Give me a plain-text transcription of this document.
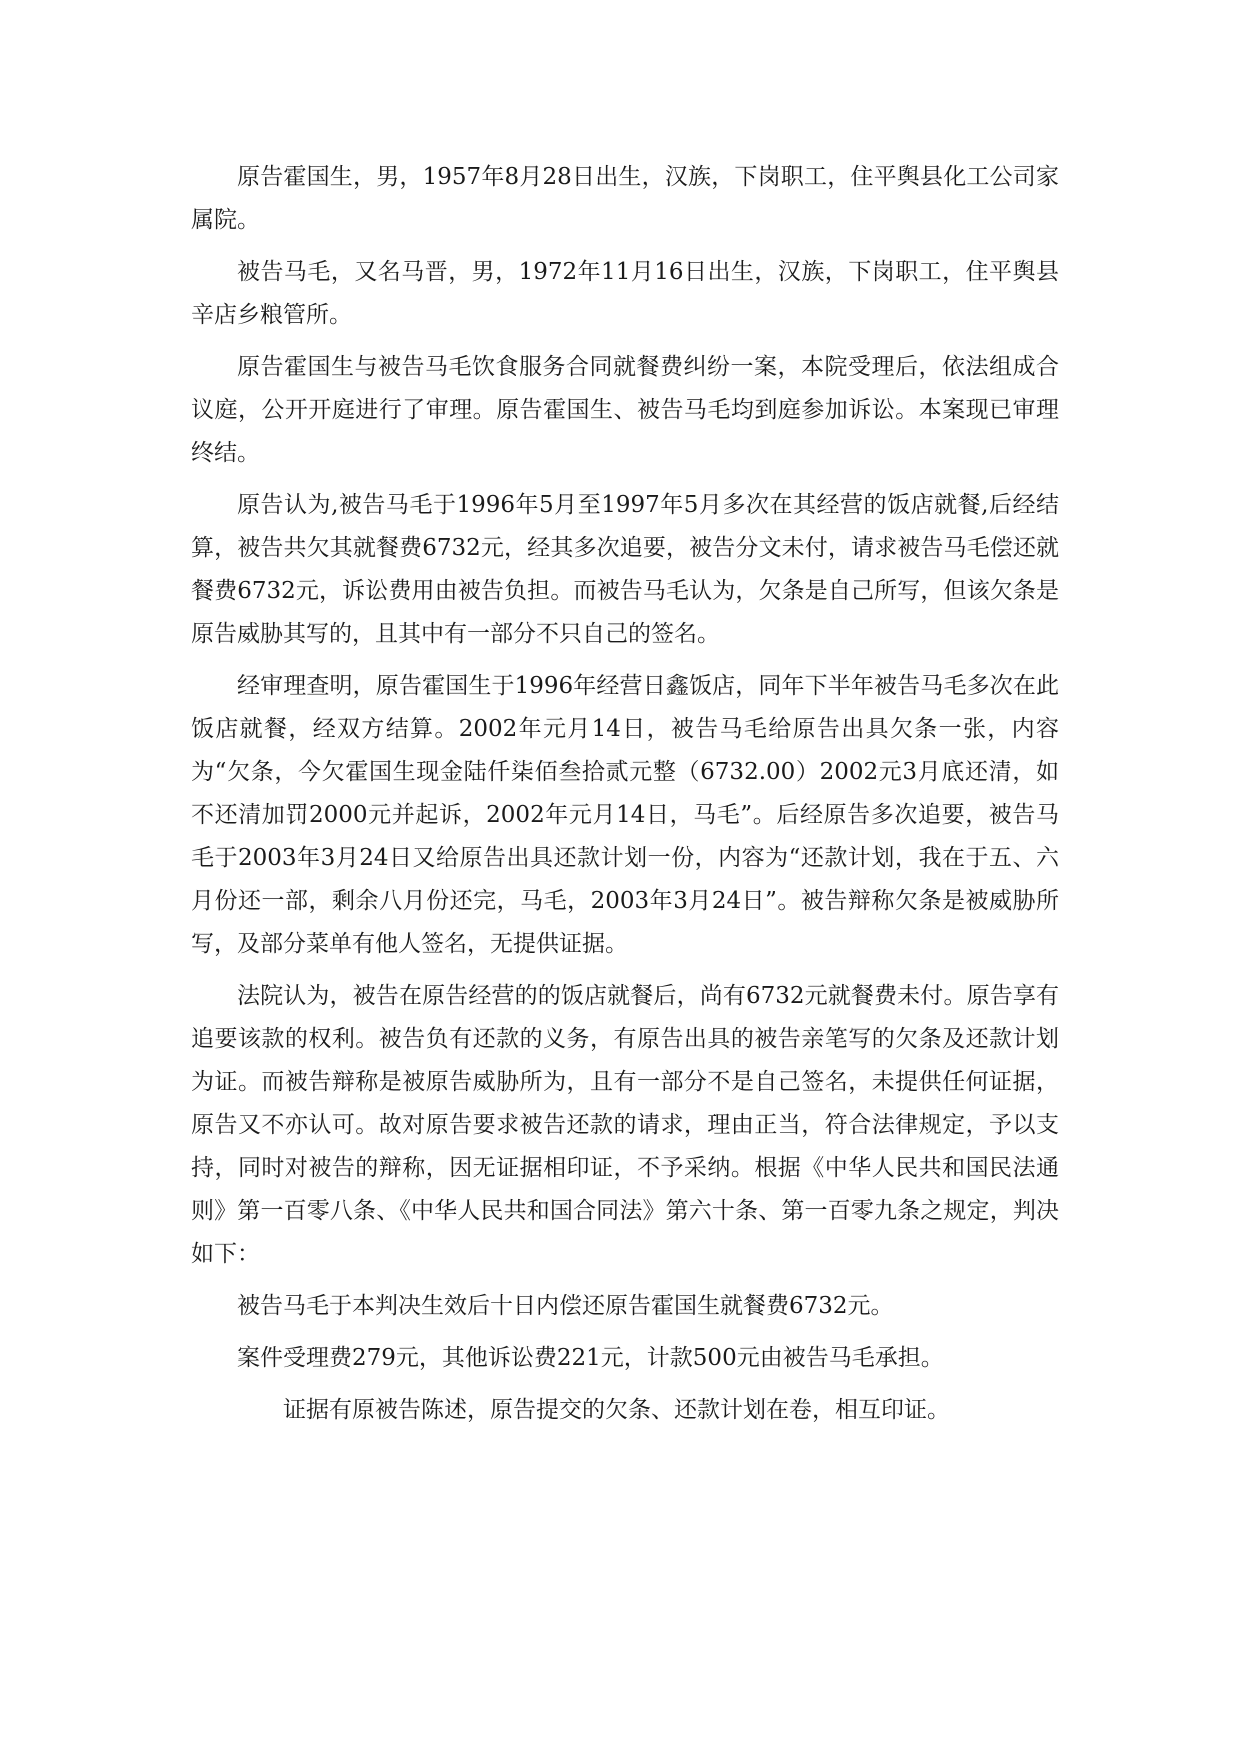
原告霍国生，男，1957年8月28日出生，汉族，下岗职工，住平舆县化工公司家属院。

被告马毛，又名马晋，男，1972年11月16日出生，汉族，下岗职工，住平舆县辛店乡粮管所。

原告霍国生与被告马毛饮食服务合同就餐费纠纷一案，本院受理后，依法组成合议庭，公开开庭进行了审理。原告霍国生、被告马毛均到庭参加诉讼。本案现已审理终结。

原告认为,被告马毛于1996年5月至1997年5月多次在其经营的饭店就餐,后经结算，被告共欠其就餐费6732元，经其多次追要，被告分文未付，请求被告马毛偿还就餐费6732元，诉讼费用由被告负担。而被告马毛认为，欠条是自己所写，但该欠条是原告威胁其写的，且其中有一部分不只自己的签名。

经审理查明，原告霍国生于1996年经营日鑫饭店，同年下半年被告马毛多次在此饭店就餐，经双方结算。2002年元月14日，被告马毛给原告出具欠条一张，内容为“欠条，今欠霍国生现金陆仟柒佰叁拾贰元整（6732.00）2002元3月底还清，如不还清加罚2000元并起诉，2002年元月14日，马毛”。后经原告多次追要，被告马毛于2003年3月24日又给原告出具还款计划一份，内容为“还款计划，我在于五、六月份还一部，剩余八月份还完，马毛，2003年3月24日”。被告辩称欠条是被威胁所写，及部分菜单有他人签名，无提供证据。

法院认为，被告在原告经营的的饭店就餐后，尚有6732元就餐费未付。原告享有追要该款的权利。被告负有还款的义务，有原告出具的被告亲笔写的欠条及还款计划为证。而被告辩称是被原告威胁所为，且有一部分不是自己签名，未提供任何证据，原告又不亦认可。故对原告要求被告还款的请求，理由正当，符合法律规定，予以支持，同时对被告的辩称，因无证据相印证，不予采纳。根据《中华人民共和国民法通则》第一百零八条、《中华人民共和国合同法》第六十条、第一百零九条之规定，判决如下：

被告马毛于本判决生效后十日内偿还原告霍国生就餐费6732元。

案件受理费279元，其他诉讼费221元，计款500元由被告马毛承担。

证据有原被告陈述，原告提交的欠条、还款计划在卷，相互印证。
